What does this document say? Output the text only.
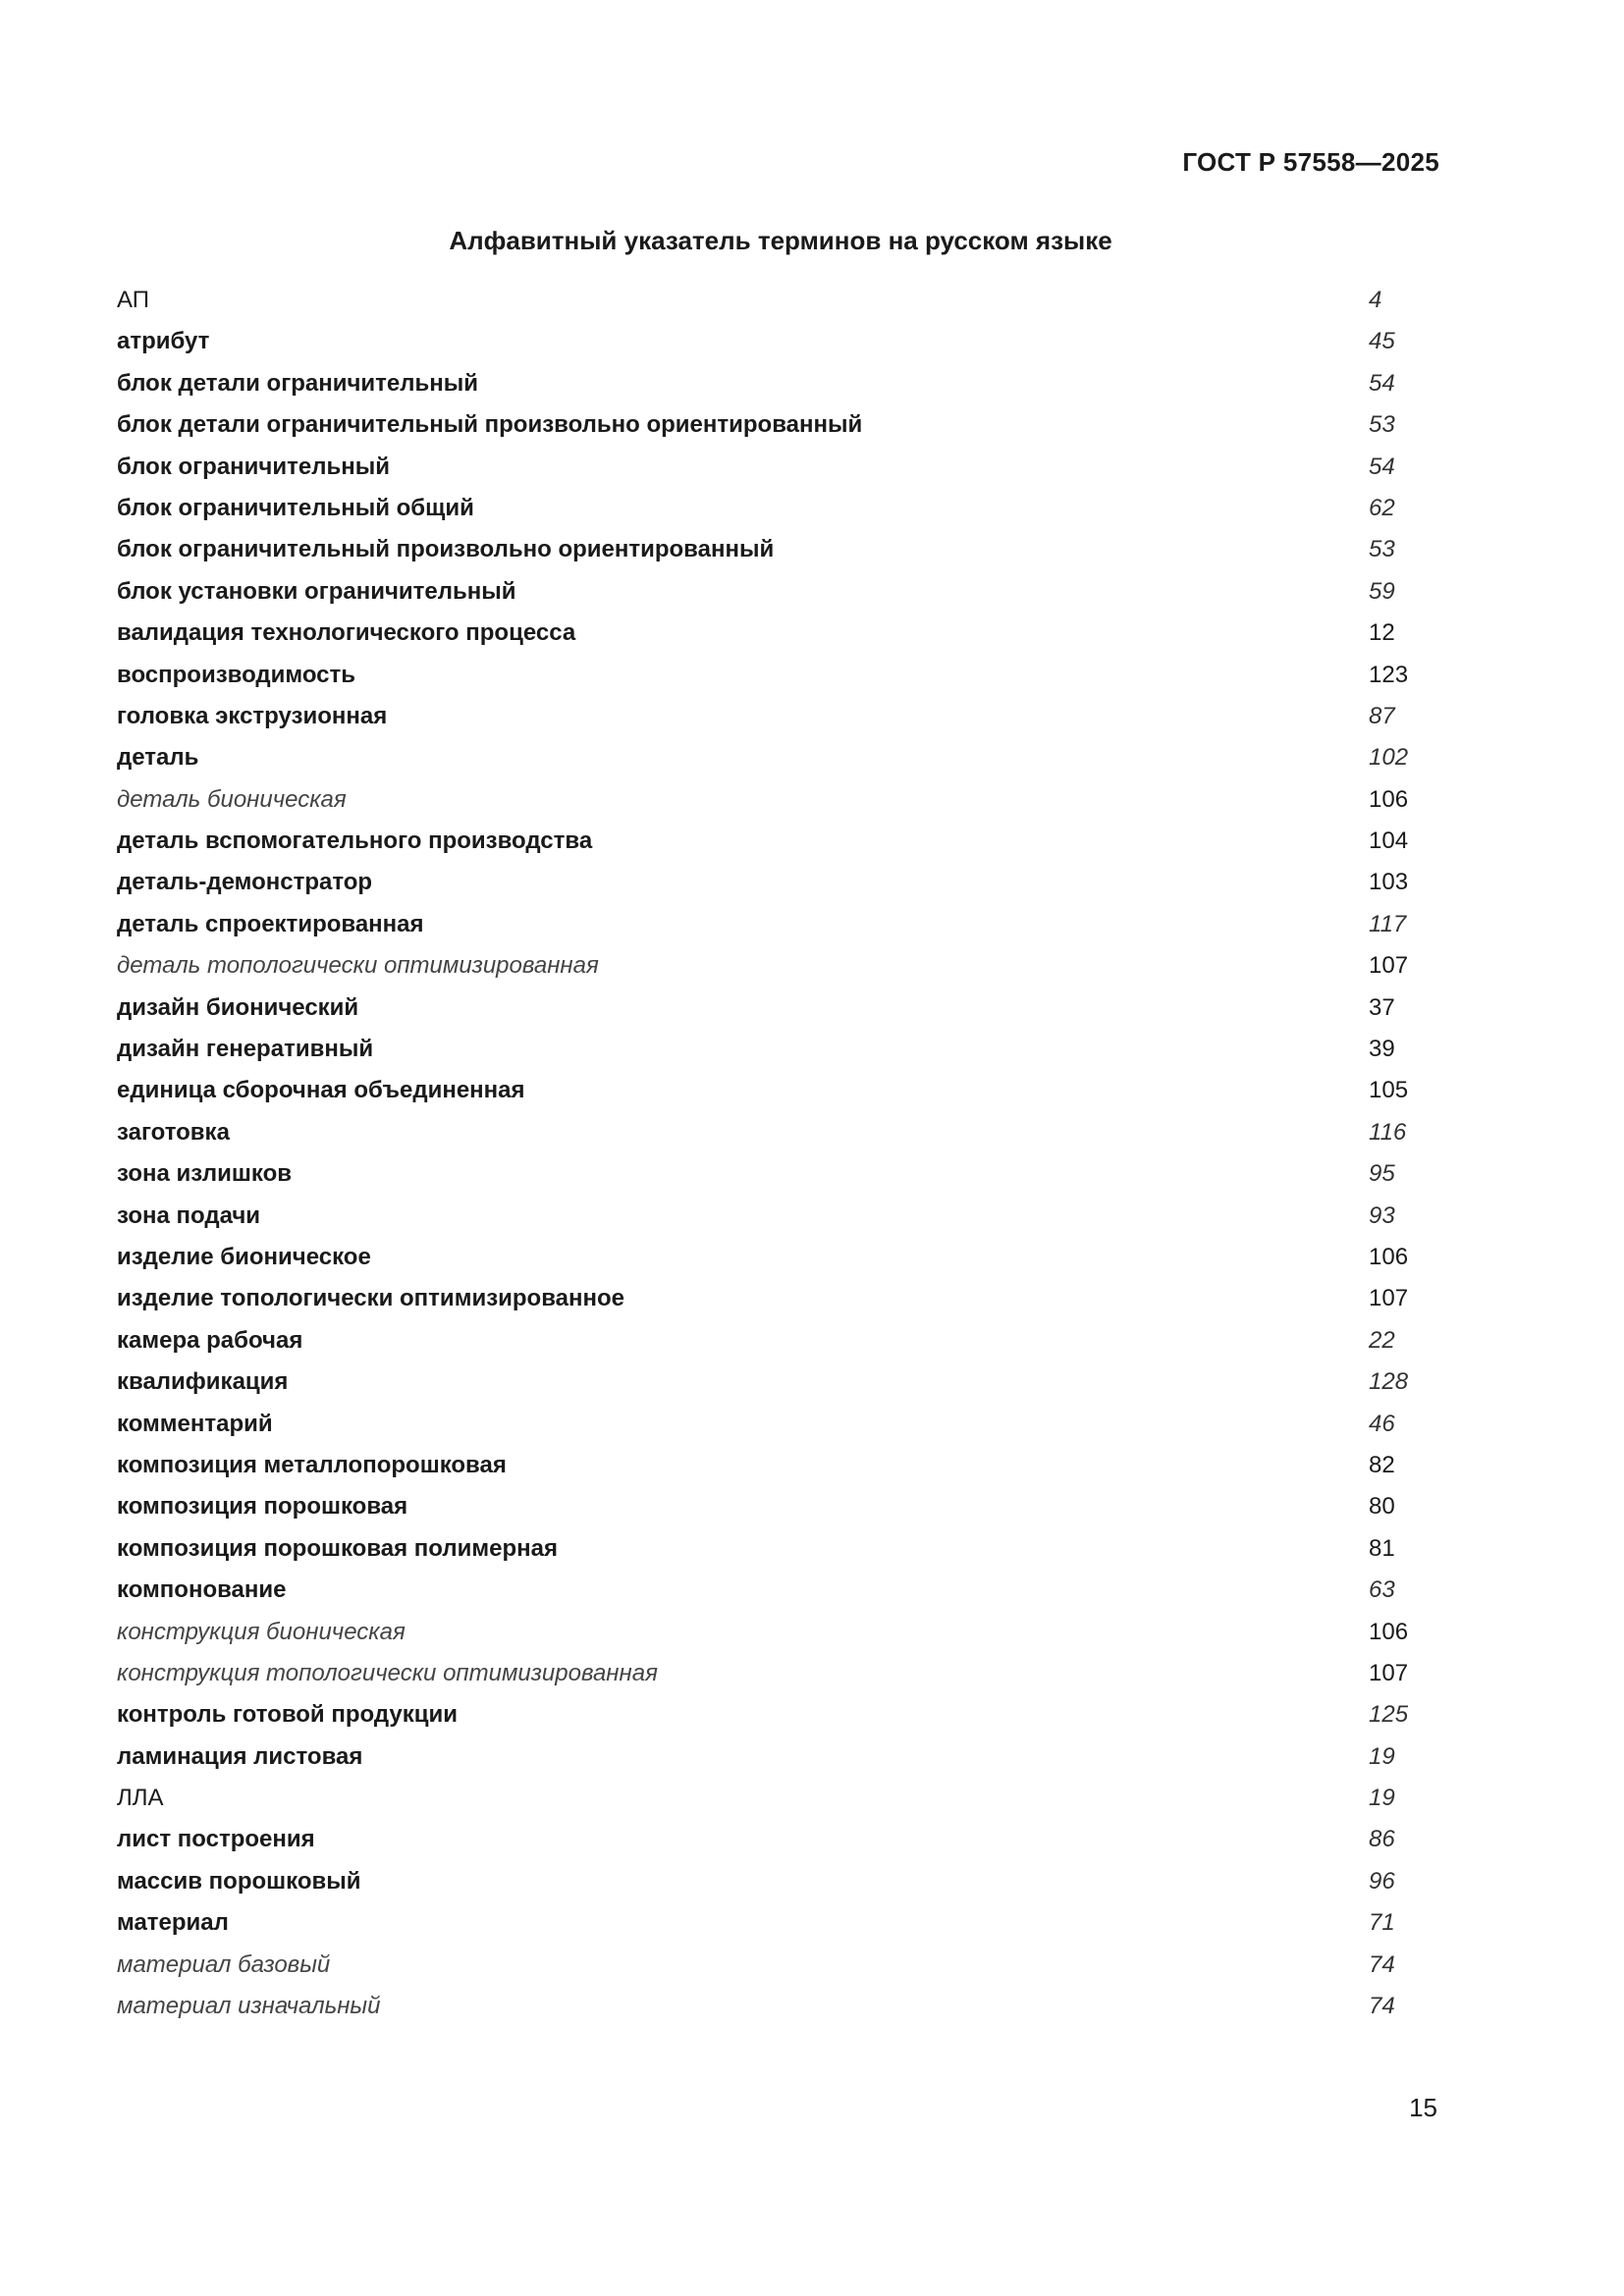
ГОСТ Р 57558—2025
Алфавитный указатель терминов на русском языке
АП	4
атрибут	45
блок детали ограничительный	54
блок детали ограничительный произвольно ориентированный	53
блок ограничительный	54
блок ограничительный общий	62
блок ограничительный произвольно ориентированный	53
блок установки ограничительный	59
валидация технологического процесса	12
воспроизводимость	123
головка экструзионная	87
деталь	102
деталь бионическая	106
деталь вспомогательного производства	104
деталь-демонстратор	103
деталь спроектированная	117
деталь топологически оптимизированная	107
дизайн бионический	37
дизайн генеративный	39
единица сборочная объединенная	105
заготовка	116
зона излишков	95
зона подачи	93
изделие бионическое	106
изделие топологически оптимизированное	107
камера рабочая	22
квалификация	128
комментарий	46
композиция металлопорошковая	82
композиция порошковая	80
композиция порошковая полимерная	81
компонование	63
конструкция бионическая	106
конструкция топологически оптимизированная	107
контроль готовой продукции	125
ламинация листовая	19
ЛЛА	19
лист построения	86
массив порошковый	96
материал	71
материал базовый	74
материал изначальный	74
15
